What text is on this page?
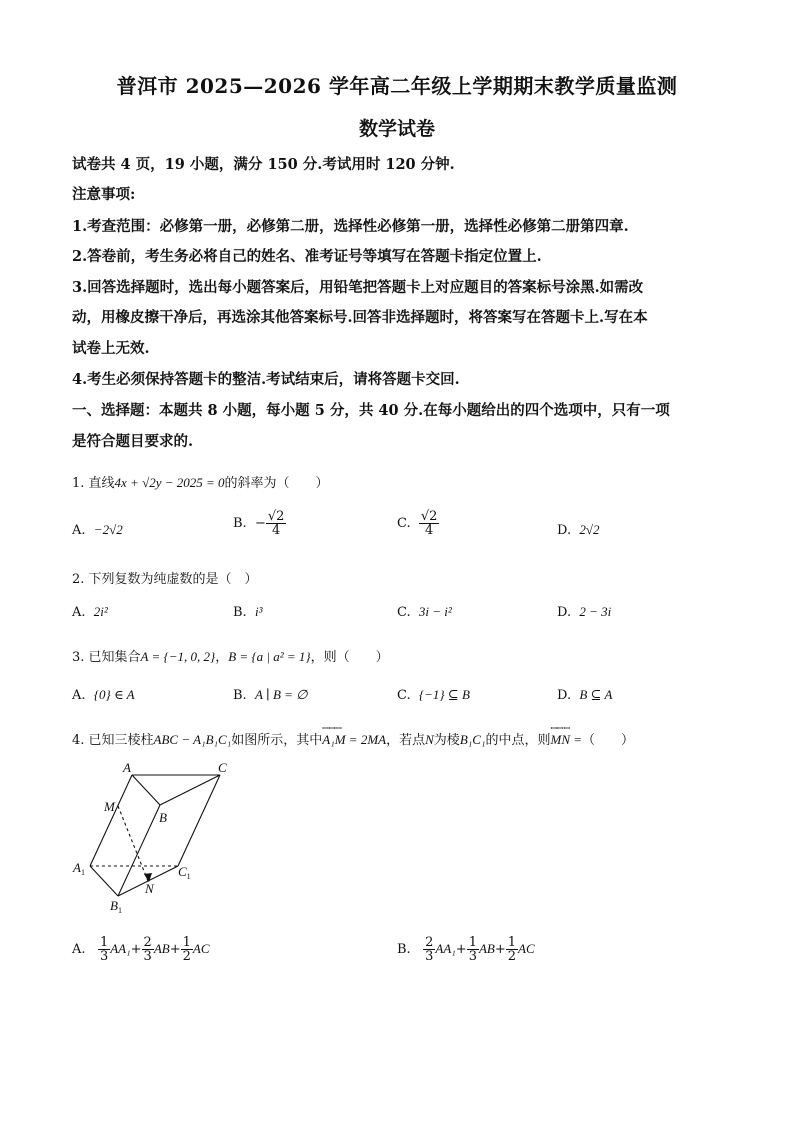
普洱市 2025—2026 学年高二年级上学期期末教学质量监测
数学试卷
试卷共 4 页，19 小题，满分 150 分.考试用时 120 分钟.
注意事项:
1.考查范围：必修第一册，必修第二册，选择性必修第一册，选择性必修第二册第四章.
2.答卷前，考生务必将自己的姓名、准考证号等填写在答题卡指定位置上.
3.回答选择题时，选出每小题答案后，用铅笔把答题卡上对应题目的答案标号涂黑.如需改
动，用橡皮擦干净后，再选涂其他答案标号.回答非选择题时，将答案写在答题卡上.写在本
试卷上无效.
4.考生必须保持答题卡的整洁.考试结束后，请将答题卡交回.
一、选择题：本题共 8 小题，每小题 5 分，共 40 分.在每小题给出的四个选项中，只有一项
是符合题目要求的.
1. 直线4x + √2y − 2025 = 0的斜率为（　　）
A. −2√2	B. − $\frac{√2}{4}$	C. $\frac{√2}{4}$	D. 2√2
2. 下列复数为纯虚数的是（　）
A. 2i²	B. i³	C. 3i − i²	D. 2 − 3i
3. 已知集合A = {−1, 0, 2}，B = {a | a² = 1}，则（　　）
A. {0} ∈ A	B. A ∣ B = ∅	C. {−1} ⊆ B	D. B ⊆ A
4. 已知三棱柱ABC − A₁B₁C₁如图所示，其中
ꟷꟷꟷ
A₁M = 2MA，若点N为棱B₁C₁的中点，则
ꟷꟷꟷ
MN =（　　）
A	C
B
M
$A_1$	$C_1$
N
$B_1$
A. $\frac{1}{3} AA_1+ \frac{2}{3} AB+ \frac{1}{2}$ AC	B. $\frac{2}{3} AA_1+ \frac{1}{3} AB+ \frac{1}{2}$ AC
